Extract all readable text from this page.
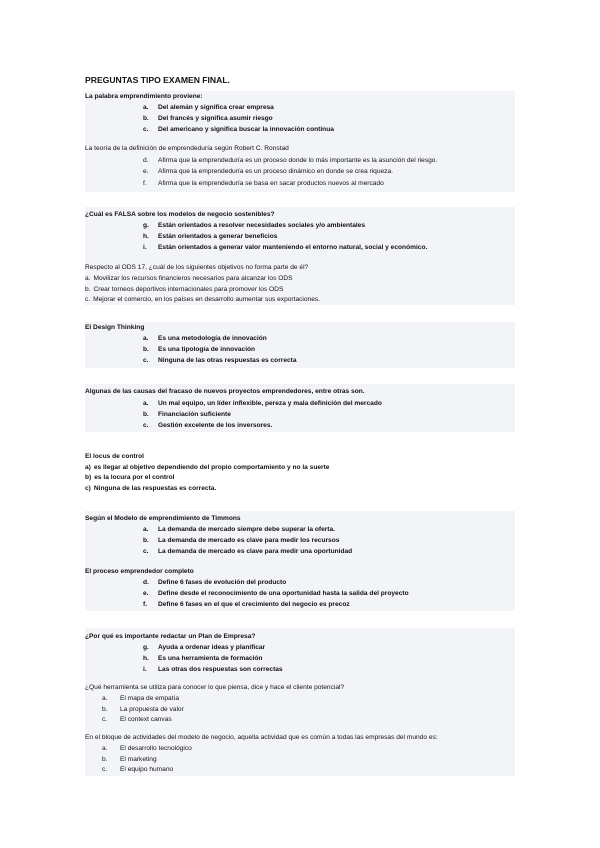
PREGUNTAS TIPO EXAMEN FINAL.
La palabra emprendimiento proviene:
a. Del alemán y significa crear empresa
b. Del francés y significa asumir riesgo
c. Del americano y significa buscar la innovación continua
La teoría de la definición de emprendeduría según Robert C. Ronstad
d. Afirma que la emprendeduría es un proceso donde lo más importante es la asunción del riesgo.
e. Afirma que la emprendeduría es un proceso dinámico en donde se crea riqueza.
f. Afirma que la emprendeduría se basa en sacar productos nuevos al mercado
¿Cuál es FALSA sobre los modelos de negocio sostenibles?
g. Están orientados a resolver necesidades sociales y/o ambientales
h. Están orientados a generar beneficios
i. Están orientados a generar valor manteniendo el entorno natural, social y económico.
Respecto al ODS 17, ¿cuál de los siguientes objetivos no forma parte de él?
a. Movilizar los recursos financieros necesarios para alcanzar los ODS
b. Crear torneos deportivos internacionales para promover los ODS
c. Mejorar el comercio, en los países en desarrollo aumentar sus exportaciones.
El Design Thinking
a. Es una metodología de innovación
b. Es una tipología de innovación
c. Ninguna de las otras respuestas es correcta
Algunas de las causas del fracaso de nuevos proyectos emprendedores, entre otras son.
a. Un mal equipo, un líder inflexible, pereza y mala definición del mercado
b. Financiación suficiente
c. Gestión excelente de los inversores.
El locus de control
a) es llegar al objetivo dependiendo del propio comportamiento y no la suerte
b) es la locura por el control
c) Ninguna de las respuestas es correcta.
Según el Modelo de emprendimiento de Timmons
a. La demanda de mercado siempre debe superar la oferta.
b. La demanda de mercado es clave para medir los recursos
c. La demanda de mercado es clave para medir una oportunidad
El proceso emprendedor completo
d. Define 6 fases de evolución del producto
e. Define desde el reconocimiento de una oportunidad hasta la salida del proyecto
f. Define 6 fases en el que el crecimiento del negocio es precoz
¿Por qué es importante redactar un Plan de Empresa?
g. Ayuda a ordenar ideas y planificar
h. Es una herramienta de formación
i. Las otras dos respuestas son correctas
¿Qué herramienta se utiliza para conocer lo que piensa, dice y hace el cliente potencial?
a. El mapa de empatía
b. La propuesta de valor
c. El context canvas
En el bloque de actividades del modelo de negocio, aquella actividad que es común a todas las empresas del mundo es:
a. El desarrollo tecnológico
b. El marketing
c. El equipo humano
